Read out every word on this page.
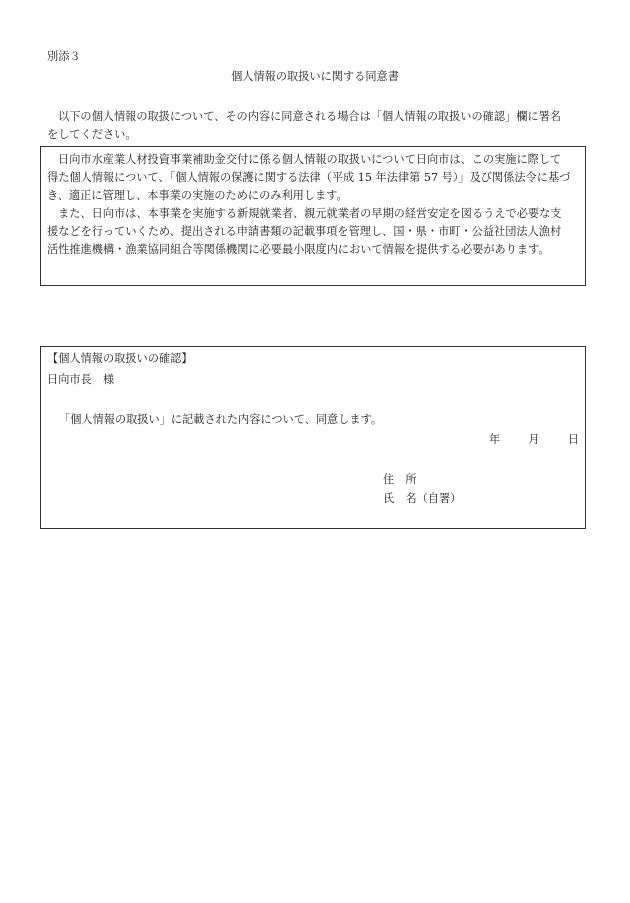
別添３
個人情報の取扱いに関する同意書

以下の個人情報の取扱について、その内容に同意される場合は「個人情報の取扱いの確認」欄に署名
をしてください。

日向市水産業人材投資事業補助金交付に係る個人情報の取扱いについて日向市は、この実施に際して
得た個人情報について、「個人情報の保護に関する法律（平成 15 年法律第 57 号）」及び関係法令に基づ
き、適正に管理し、本事業の実施のためにのみ利用します。

また、日向市は、本事業を実施する新規就業者、親元就業者の早期の経営安定を図るうえで必要な支
援などを行っていくため、提出される申請書類の記載事項を管理し、国・県・市町・公益社団法人漁村
活性推進機構・漁業協同組合等関係機関に必要最小限度内において情報を提供する必要があります。

【個人情報の取扱いの確認】
日向市長　様
「個人情報の取扱い」に記載された内容について、同意します。
年	月	日
住　所
氏　名（自署）
